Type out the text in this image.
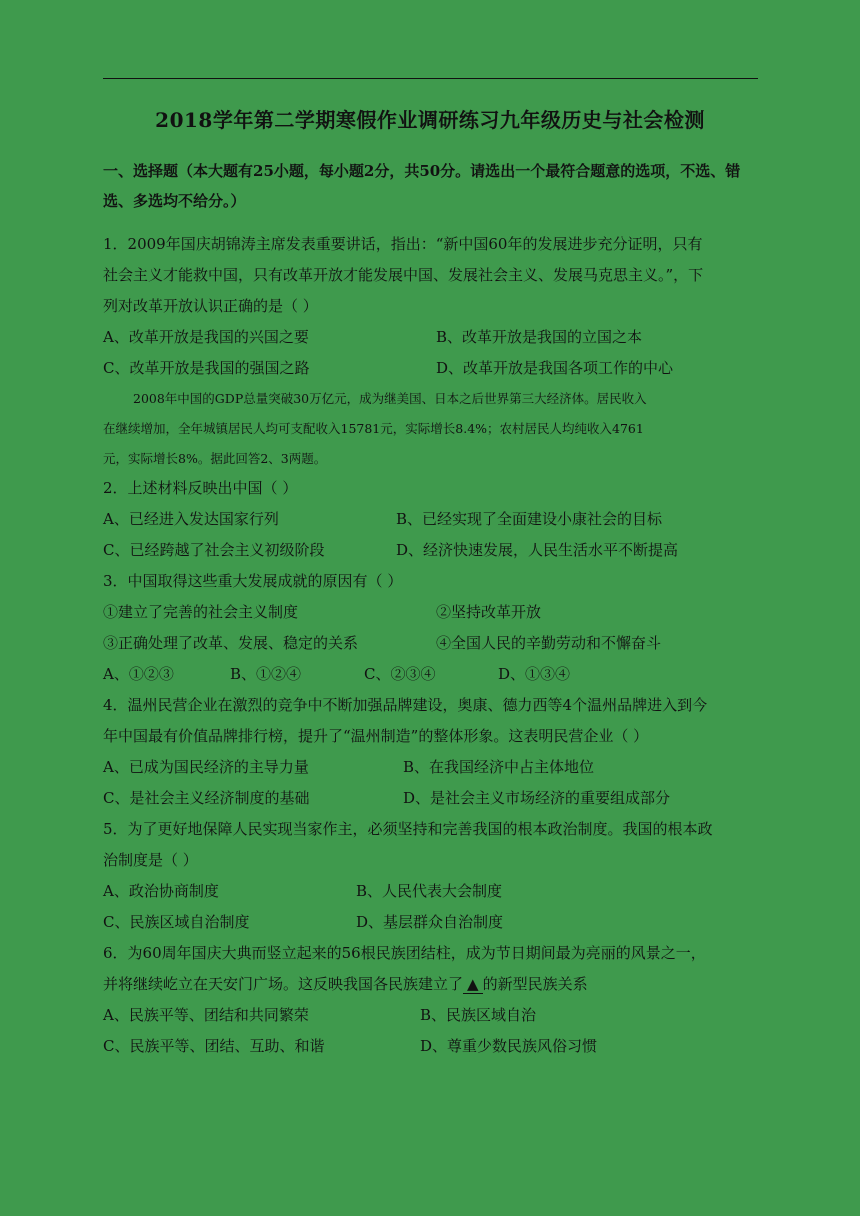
2018学年第二学期寒假作业调研练习九年级历史与社会检测
一、选择题（本大题有25小题，每小题2分，共50分。请选出一个最符合题意的选项，不选、错
选、多选均不给分。）
1．2009年国庆胡锦涛主席发表重要讲话，指出：“新中国60年的发展进步充分证明，只有
社会主义才能救中国，只有改革开放才能发展中国、发展社会主义、发展马克思主义。”，下
列对改革开放认识正确的是（ ）
A、改革开放是我国的兴国之要	B、改革开放是我国的立国之本
C、改革开放是我国的强国之路	D、改革开放是我国各项工作的中心
2008年中国的GDP总量突破30万亿元，成为继美国、日本之后世界第三大经济体。居民收入
在继续增加，全年城镇居民人均可支配收入15781元，实际增长8.4%；农村居民人均纯收入4761
元，实际增长8%。据此回答2、3两题。
2．上述材料反映出中国（ ）
A、已经进入发达国家行列	B、已经实现了全面建设小康社会的目标
C、已经跨越了社会主义初级阶段	D、经济快速发展，人民生活水平不断提高
3．中国取得这些重大发展成就的原因有（ ）
①建立了完善的社会主义制度	②坚持改革开放
③正确处理了改革、发展、稳定的关系	④全国人民的辛勤劳动和不懈奋斗
A、①②③	B、①②④	C、②③④	D、①③④
4．温州民营企业在激烈的竞争中不断加强品牌建设，奥康、德力西等4个温州品牌进入到今
年中国最有价值品牌排行榜，提升了“温州制造”的整体形象。这表明民营企业（ ）
A、已成为国民经济的主导力量	B、在我国经济中占主体地位
C、是社会主义经济制度的基础	D、是社会主义市场经济的重要组成部分
5．为了更好地保障人民实现当家作主，必须坚持和完善我国的根本政治制度。我国的根本政
治制度是（ ）
A、政治协商制度	B、人民代表大会制度
C、民族区域自治制度	D、基层群众自治制度
6．为60周年国庆大典而竖立起来的56根民族团结柱，成为节日期间最为亮丽的风景之一，
并将继续屹立在天安门广场。这反映我国各民族建立了 ▲ 的新型民族关系
A、民族平等、团结和共同繁荣	B、民族区域自治
C、民族平等、团结、互助、和谐	D、尊重少数民族风俗习惯
